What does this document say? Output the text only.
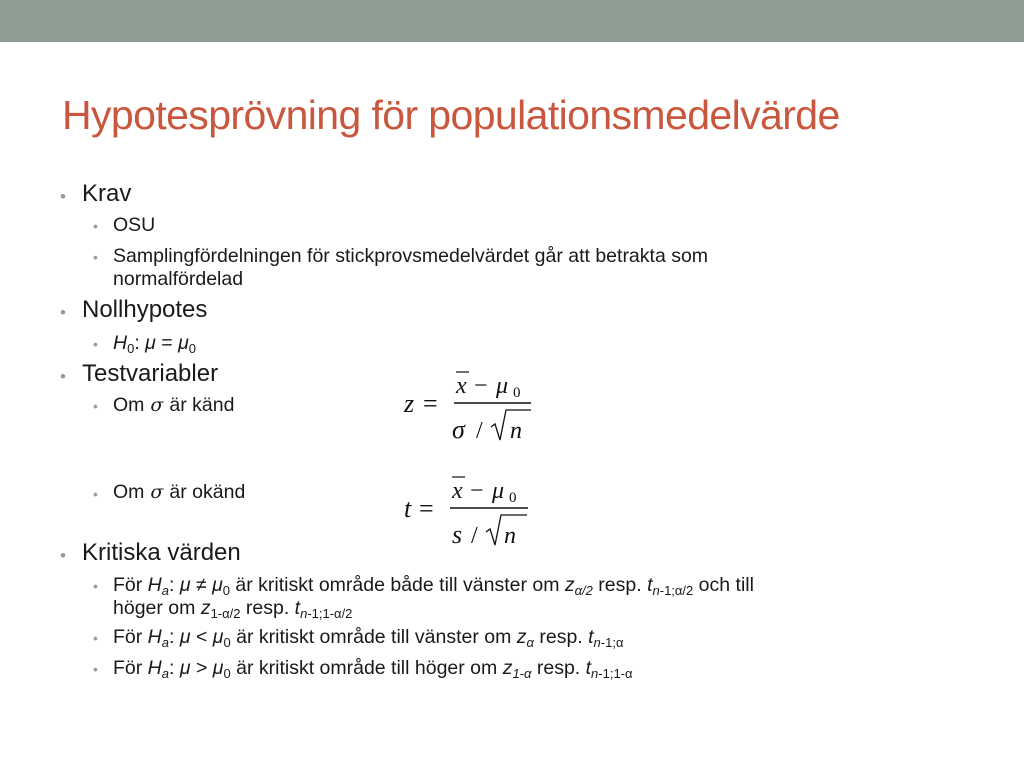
Hypotesprövning för populationsmedelvärde
• Krav
• OSU
• Samplingfördelningen för stickprovsmedelvärdet går att betrakta som
normalfördelad
• Nollhypotes
• $H_0$: $\mu = \mu_0$
• Testvariabler
• Om σ är känd
• Om σ är okänd
z =
x − μ 0
σ / n
t =
x − μ 0
s / n
• Kritiska värden
• För $H_a$: $\mu \ne \mu_0$ är kritiskt område både till vänster om $z_{\alpha/2}$ resp. $t_{n-1;\alpha/2}$ och till
höger om $z_{1-\alpha/2}$ resp. $t_{n-1;1-\alpha/2}$
• För $H_a$: $\mu < \mu_0$ är kritiskt område till vänster om $z_\alpha$ resp. $t_{n-1;\alpha}$
• För $H_a$: $\mu > \mu_0$ är kritiskt område till höger om $z_{1-\alpha}$ resp. $t_{n-1;1-\alpha}$
